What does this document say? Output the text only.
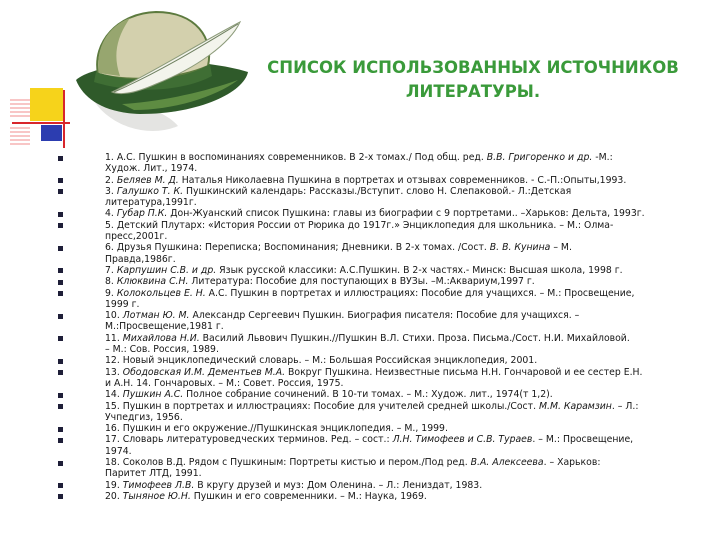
СПИСОК ИСПОЛЬЗОВАННЫХ ИСТОЧНИКОВ
ЛИТЕРАТУРЫ.
1. А.С. Пушкин в воспоминаниях современников. В 2-х томах./ Под общ. ред. В.В. Григоренко и др. -М.:
Худож. Лит., 1974.
2. Беляев М. Д. Наталья Николаевна Пушкина в портретах и отзывах современников. - С.-П.:Опыты,1993.
3. Галушко Т. К. Пушкинский календарь: Рассказы./Вступит. слово Н. Слепаковой.- Л.:Детская
литература,1991г.
4. Губар П.К. Дон-Жуанский список Пушкина: главы из биографии с 9 портретами.. –Харьков: Дельта, 1993г.
5. Детский Плутарх: «История России от Рюрика до 1917г.» Энциклопедия для школьника. – М.: Олма-
пресс,2001г.
6. Друзья Пушкина: Переписка; Воспоминания; Дневники. В 2-х томах. /Сост. В. В. Кунина – М.
Правда,1986г.
7. Карпушин С.В. и др. Язык русской классики: А.С.Пушкин. В 2-х частях.- Минск: Высшая школа, 1998 г.
8. Клюквина С.Н. Литература: Пособие для поступающих в ВУЗы. –М.:Аквариум,1997 г.
9. Колокольцев Е. Н. А.С. Пушкин в портретах и иллюстрациях: Пособие для учащихся. – М.: Просвещение,
1999 г.
10. Лотман Ю. М. Александр Сергеевич Пушкин. Биография писателя: Пособие для учащихся. –
М.:Просвещение,1981 г.
11. Михайлова Н.И. Василий Львович Пушкин.//Пушкин В.Л. Стихи. Проза. Письма./Сост. Н.И. Михайловой.
– М.: Сов. Россия, 1989.
12. Новый энциклопедический словарь. – М.: Большая Российская энциклопедия, 2001.
13. Ободовская И.М. Дементьев М.А. Вокруг Пушкина. Неизвестные письма Н.Н. Гончаровой и ее сестер Е.Н.
и А.Н. 14. Гончаровых. – М.: Совет. Россия, 1975.
14. Пушкин А.С. Полное собрание сочинений. В 10-ти томах. – М.: Худож. лит., 1974(т 1,2).
15. Пушкин в портретах и иллюстрациях: Пособие для учителей средней школы./Сост. М.М. Карамзин. – Л.:
Учпедгиз, 1956.
16. Пушкин и его окружение.//Пушкинская энциклопедия. – М., 1999.
17. Словарь литературоведческих терминов. Ред. – сост.: Л.Н. Тимофеев и С.В. Тураев. – М.: Просвещение,
1974.
18. Соколов В.Д. Рядом с Пушкиным: Портреты кистью и пером./Под ред. В.А. Алексеева. – Харьков:
Паритет ЛТД, 1991.
19. Тимофеев Л.В. В кругу друзей и муз: Дом Оленина. – Л.: Лениздат, 1983.
20. Тыняное Ю.Н. Пушкин и его современники. – М.: Наука, 1969.
